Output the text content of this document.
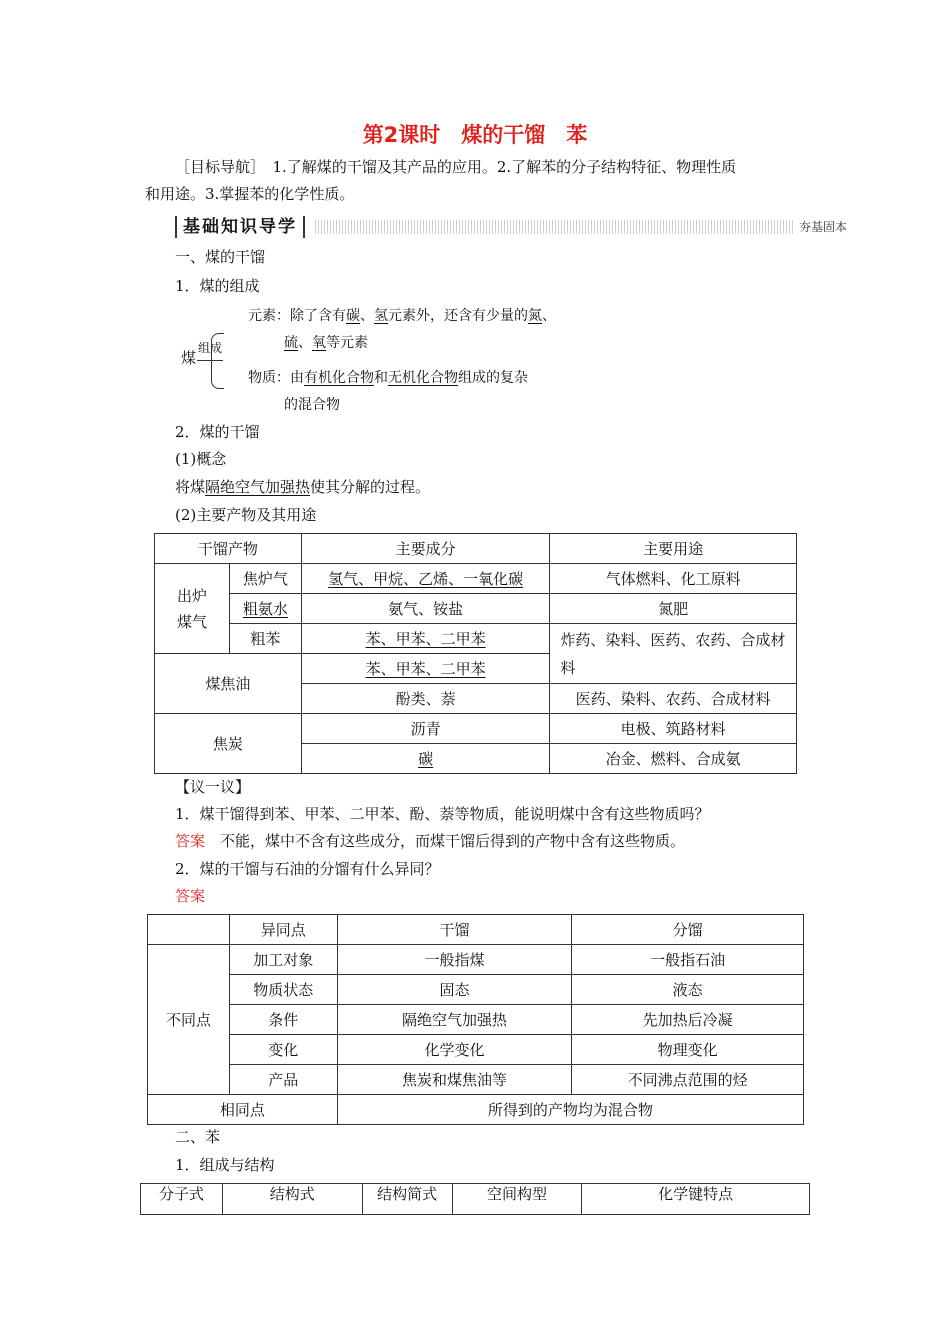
第2课时　煤的干馏　苯
［目标导航］　1.了解煤的干馏及其产品的应用。2.了解苯的分子结构特征、物理性质
和用途。3.掌握苯的化学性质。
基础知识导学	夯基固本
一、煤的干馏
1．煤的组成
煤
组成
元素：除了含有碳、氢元素外，还含有少量的氮、
硫、氧等元素
物质：由有机化合物和无机化合物组成的复杂
的混合物
2．煤的干馏
(1)概念
将煤隔绝空气加强热使其分解的过程。
(2)主要产物及其用途
干馏产物		主要成分	主要用途
出炉
煤气	焦炉气	氢气、甲烷、乙烯、一氧化碳	气体燃料、化工原料
	粗氨水	氨气、铵盐	氮肥
	粗苯	苯、甲苯、二甲苯	炸药、染料、医药、农药、合成材料
煤焦油		苯、甲苯、二甲苯	
		酚类、萘	医药、染料、农药、合成材料
焦炭		沥青	电极、筑路材料
		碳	冶金、燃料、合成氨
【议一议】
1．煤干馏得到苯、甲苯、二甲苯、酚、萘等物质，能说明煤中含有这些物质吗？
答案　不能，煤中不含有这些成分，而煤干馏后得到的产物中含有这些物质。
2．煤的干馏与石油的分馏有什么异同？
答案
	异同点	干馏	分馏
不同点	加工对象	一般指煤	一般指石油
	物质状态	固态	液态
	条件	隔绝空气加强热	先加热后冷凝
	变化	化学变化	物理变化
	产品	焦炭和煤焦油等	不同沸点范围的烃
相同点		所得到的产物均为混合物	
二、苯
1．组成与结构
分子式	结构式	结构简式	空间构型	化学键特点
